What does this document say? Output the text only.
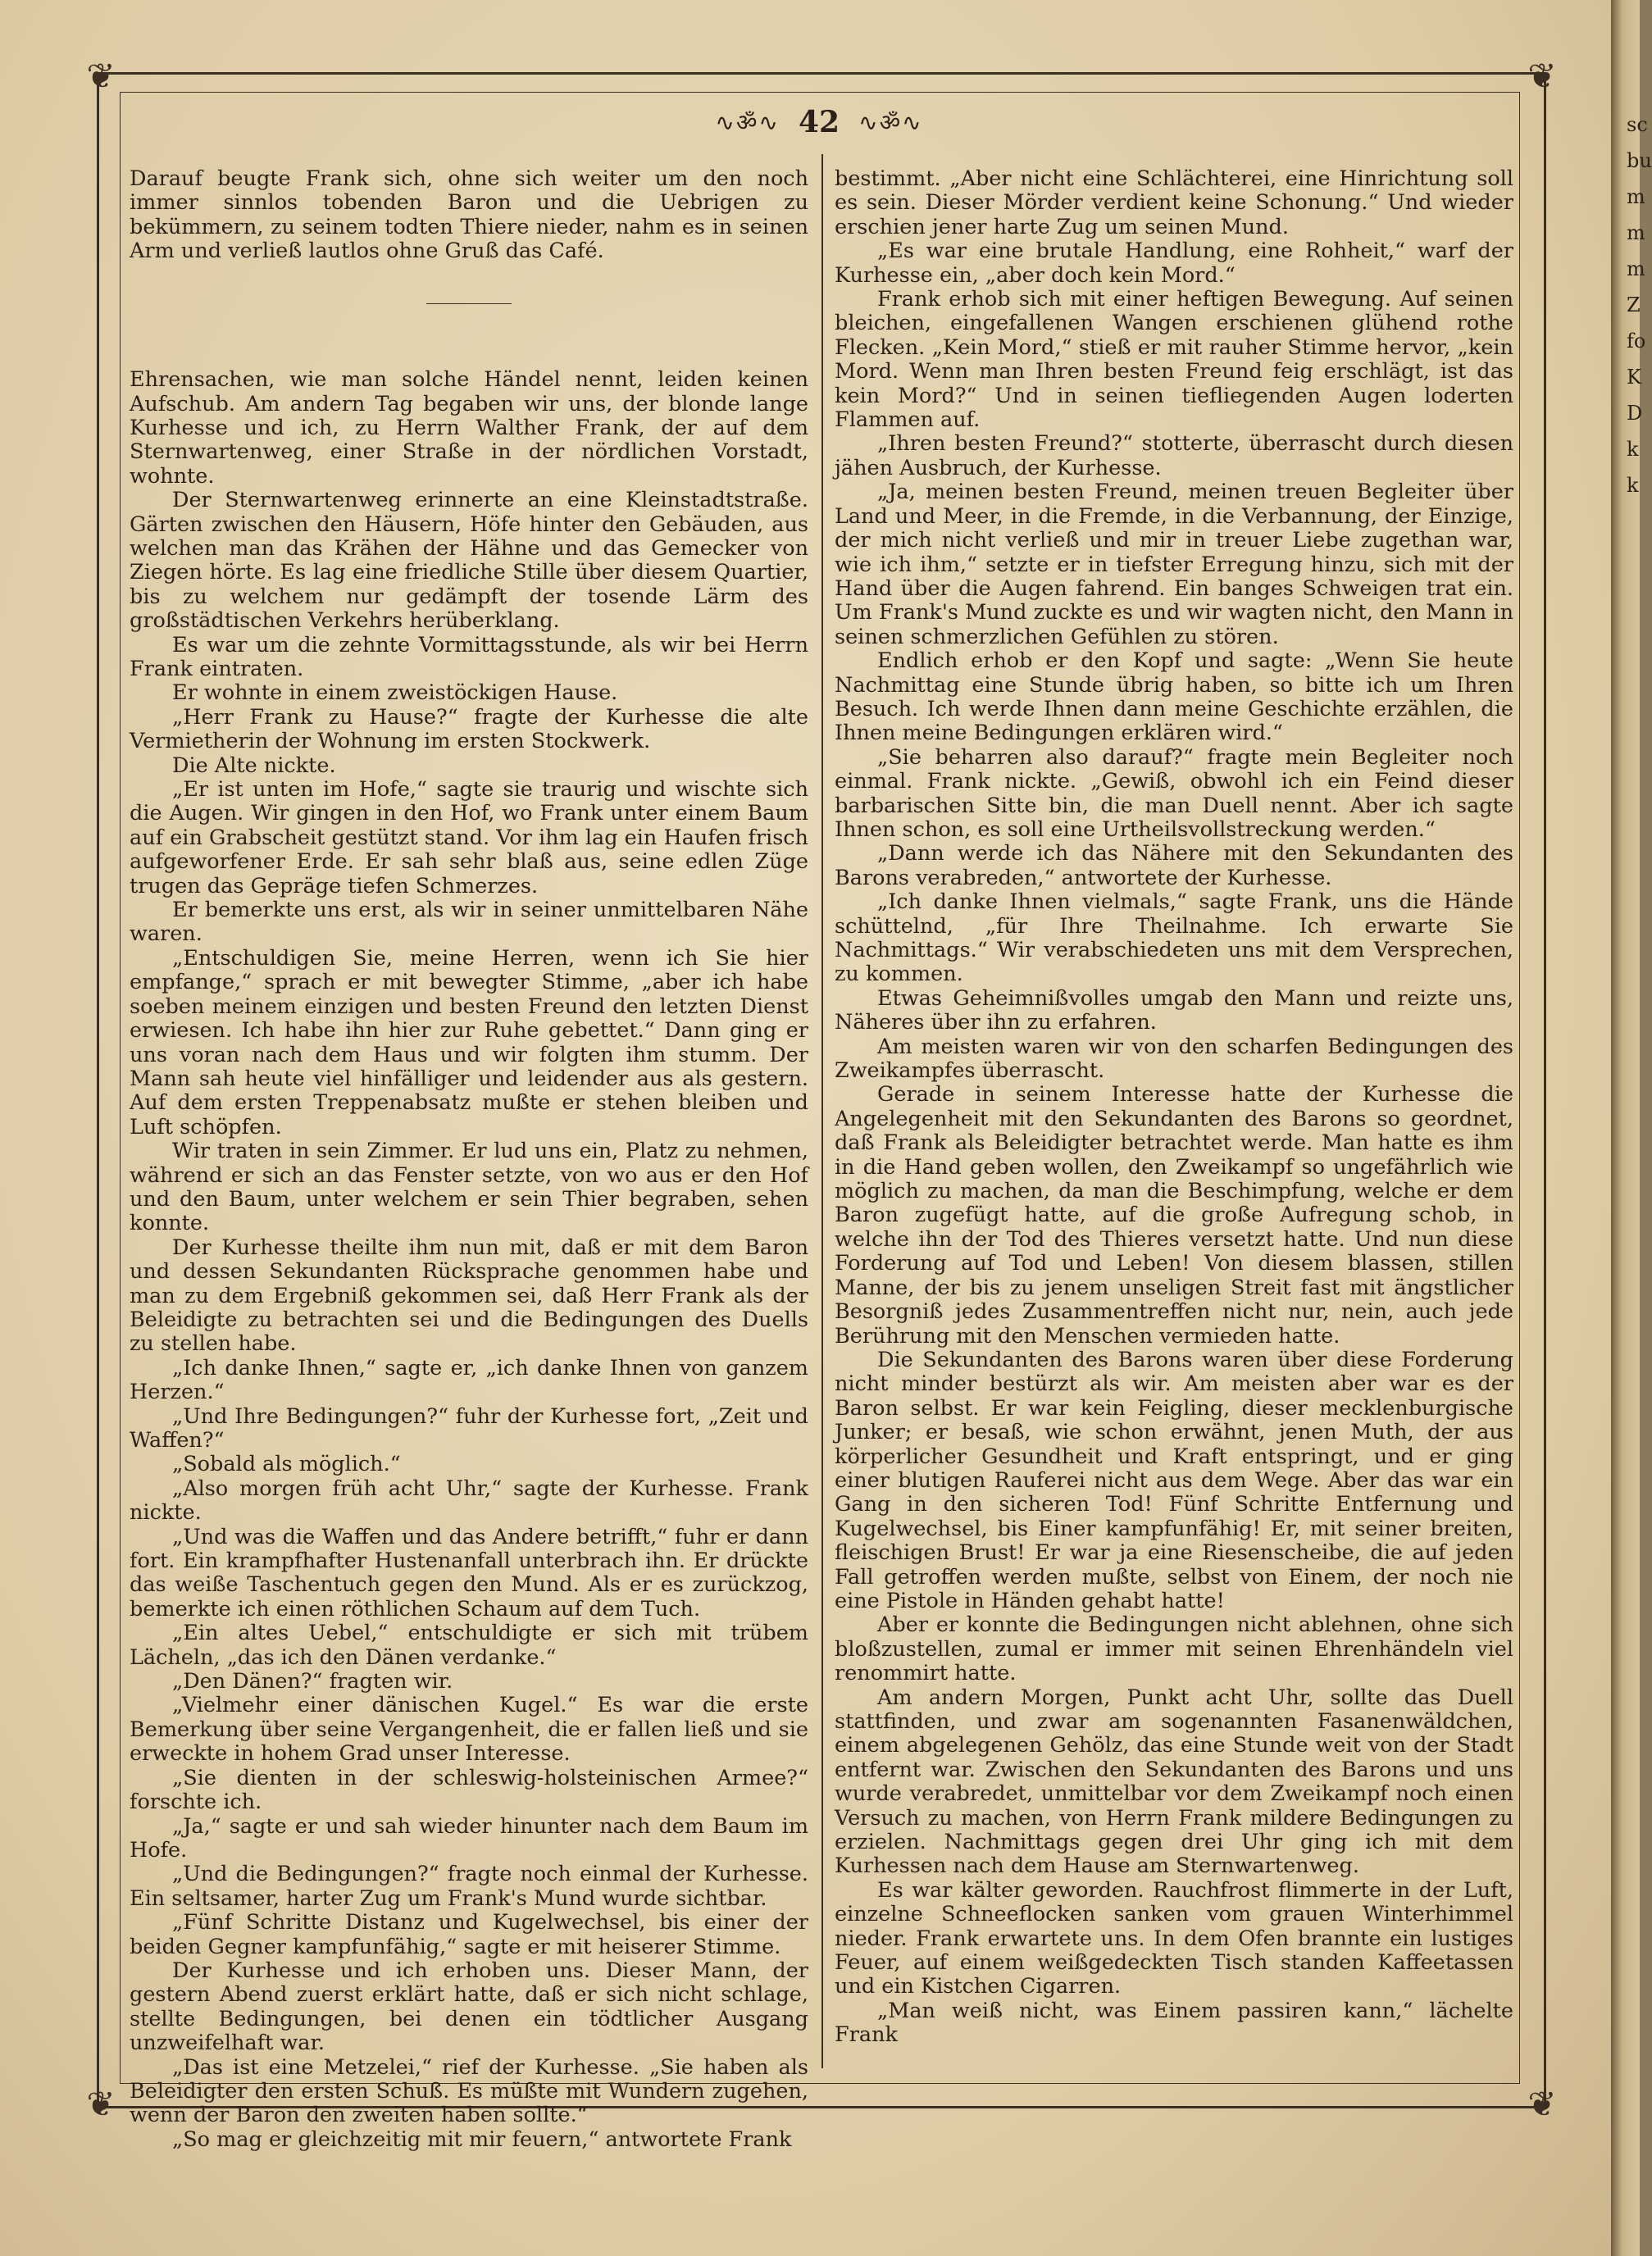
❦	❦
❦	❦
∿ॐ∿ 42 ∿ॐ∿

Darauf beugte Frank sich, ohne sich weiter um den noch immer sinnlos tobenden Baron und die Uebrigen zu bekümmern, zu seinem todten Thiere nieder, nahm es in seinen Arm und verließ lautlos ohne Gruß das Café.

Ehrensachen, wie man solche Händel nennt, leiden keinen Aufschub. Am andern Tag begaben wir uns, der blonde lange Kurhesse und ich, zu Herrn Walther Frank, der auf dem Sternwartenweg, einer Straße in der nördlichen Vorstadt, wohnte.

Der Sternwartenweg erinnerte an eine Kleinstadtstraße. Gärten zwischen den Häusern, Höfe hinter den Gebäuden, aus welchen man das Krähen der Hähne und das Gemecker von Ziegen hörte. Es lag eine friedliche Stille über diesem Quartier, bis zu welchem nur gedämpft der tosende Lärm des großstädtischen Verkehrs herüberklang.

Es war um die zehnte Vormittagsstunde, als wir bei Herrn Frank eintraten.

Er wohnte in einem zweistöckigen Hause.

„Herr Frank zu Hause?“ fragte der Kurhesse die alte Vermietherin der Wohnung im ersten Stockwerk.

Die Alte nickte.

„Er ist unten im Hofe,“ sagte sie traurig und wischte sich die Augen. Wir gingen in den Hof, wo Frank unter einem Baum auf ein Grabscheit gestützt stand. Vor ihm lag ein Haufen frisch aufgeworfener Erde. Er sah sehr blaß aus, seine edlen Züge trugen das Gepräge tiefen Schmerzes.

Er bemerkte uns erst, als wir in seiner unmittelbaren Nähe waren.

„Entschuldigen Sie, meine Herren, wenn ich Sie hier empfange,“ sprach er mit bewegter Stimme, „aber ich habe soeben meinem einzigen und besten Freund den letzten Dienst erwiesen. Ich habe ihn hier zur Ruhe gebettet.“ Dann ging er uns voran nach dem Haus und wir folgten ihm stumm. Der Mann sah heute viel hinfälliger und leidender aus als gestern. Auf dem ersten Treppenabsatz mußte er stehen bleiben und Luft schöpfen.

Wir traten in sein Zimmer. Er lud uns ein, Platz zu nehmen, während er sich an das Fenster setzte, von wo aus er den Hof und den Baum, unter welchem er sein Thier begraben, sehen konnte.

Der Kurhesse theilte ihm nun mit, daß er mit dem Baron und dessen Sekundanten Rücksprache genommen habe und man zu dem Ergebniß gekommen sei, daß Herr Frank als der Beleidigte zu betrachten sei und die Bedingungen des Duells zu stellen habe.

„Ich danke Ihnen,“ sagte er, „ich danke Ihnen von ganzem Herzen.“

„Und Ihre Bedingungen?“ fuhr der Kurhesse fort, „Zeit und Waffen?“

„Sobald als möglich.“

„Also morgen früh acht Uhr,“ sagte der Kurhesse. Frank nickte.

„Und was die Waffen und das Andere betrifft,“ fuhr er dann fort. Ein krampfhafter Hustenanfall unterbrach ihn. Er drückte das weiße Taschentuch gegen den Mund. Als er es zurückzog, bemerkte ich einen röthlichen Schaum auf dem Tuch.

„Ein altes Uebel,“ entschuldigte er sich mit trübem Lächeln, „das ich den Dänen verdanke.“

„Den Dänen?“ fragten wir.

„Vielmehr einer dänischen Kugel.“ Es war die erste Bemerkung über seine Vergangenheit, die er fallen ließ und sie erweckte in hohem Grad unser Interesse.

„Sie dienten in der schleswig-holsteinischen Armee?“ forschte ich.

„Ja,“ sagte er und sah wieder hinunter nach dem Baum im Hofe.

„Und die Bedingungen?“ fragte noch einmal der Kurhesse. Ein seltsamer, harter Zug um Frank's Mund wurde sichtbar.

„Fünf Schritte Distanz und Kugelwechsel, bis einer der beiden Gegner kampfunfähig,“ sagte er mit heiserer Stimme.

Der Kurhesse und ich erhoben uns. Dieser Mann, der gestern Abend zuerst erklärt hatte, daß er sich nicht schlage, stellte Bedingungen, bei denen ein tödtlicher Ausgang unzweifelhaft war.

„Das ist eine Metzelei,“ rief der Kurhesse. „Sie haben als Beleidigter den ersten Schuß. Es müßte mit Wundern zugehen, wenn der Baron den zweiten haben sollte.“

„So mag er gleichzeitig mit mir feuern,“ antwortete Frank

bestimmt. „Aber nicht eine Schlächterei, eine Hinrichtung soll es sein. Dieser Mörder verdient keine Schonung.“ Und wieder erschien jener harte Zug um seinen Mund.

„Es war eine brutale Handlung, eine Rohheit,“ warf der Kurhesse ein, „aber doch kein Mord.“

Frank erhob sich mit einer heftigen Bewegung. Auf seinen bleichen, eingefallenen Wangen erschienen glühend rothe Flecken. „Kein Mord,“ stieß er mit rauher Stimme hervor, „kein Mord. Wenn man Ihren besten Freund feig erschlägt, ist das kein Mord?“ Und in seinen tiefliegenden Augen loderten Flammen auf.

„Ihren besten Freund?“ stotterte, überrascht durch diesen jähen Ausbruch, der Kurhesse.

„Ja, meinen besten Freund, meinen treuen Begleiter über Land und Meer, in die Fremde, in die Verbannung, der Einzige, der mich nicht verließ und mir in treuer Liebe zugethan war, wie ich ihm,“ setzte er in tiefster Erregung hinzu, sich mit der Hand über die Augen fahrend. Ein banges Schweigen trat ein. Um Frank's Mund zuckte es und wir wagten nicht, den Mann in seinen schmerzlichen Gefühlen zu stören.

Endlich erhob er den Kopf und sagte: „Wenn Sie heute Nachmittag eine Stunde übrig haben, so bitte ich um Ihren Besuch. Ich werde Ihnen dann meine Geschichte erzählen, die Ihnen meine Bedingungen erklären wird.“

„Sie beharren also darauf?“ fragte mein Begleiter noch einmal. Frank nickte. „Gewiß, obwohl ich ein Feind dieser barbarischen Sitte bin, die man Duell nennt. Aber ich sagte Ihnen schon, es soll eine Urtheilsvollstreckung werden.“

„Dann werde ich das Nähere mit den Sekundanten des Barons verabreden,“ antwortete der Kurhesse.

„Ich danke Ihnen vielmals,“ sagte Frank, uns die Hände schüttelnd, „für Ihre Theilnahme. Ich erwarte Sie Nachmittags.“ Wir verabschiedeten uns mit dem Versprechen, zu kommen.

Etwas Geheimnißvolles umgab den Mann und reizte uns, Näheres über ihn zu erfahren.

Am meisten waren wir von den scharfen Bedingungen des Zweikampfes überrascht.

Gerade in seinem Interesse hatte der Kurhesse die Angelegenheit mit den Sekundanten des Barons so geordnet, daß Frank als Beleidigter betrachtet werde. Man hatte es ihm in die Hand geben wollen, den Zweikampf so ungefährlich wie möglich zu machen, da man die Beschimpfung, welche er dem Baron zugefügt hatte, auf die große Aufregung schob, in welche ihn der Tod des Thieres versetzt hatte. Und nun diese Forderung auf Tod und Leben! Von diesem blassen, stillen Manne, der bis zu jenem unseligen Streit fast mit ängstlicher Besorgniß jedes Zusammentreffen nicht nur, nein, auch jede Berührung mit den Menschen vermieden hatte.

Die Sekundanten des Barons waren über diese Forderung nicht minder bestürzt als wir. Am meisten aber war es der Baron selbst. Er war kein Feigling, dieser mecklenburgische Junker; er besaß, wie schon erwähnt, jenen Muth, der aus körperlicher Gesundheit und Kraft entspringt, und er ging einer blutigen Rauferei nicht aus dem Wege. Aber das war ein Gang in den sicheren Tod! Fünf Schritte Entfernung und Kugelwechsel, bis Einer kampfunfähig! Er, mit seiner breiten, fleischigen Brust! Er war ja eine Riesenscheibe, die auf jeden Fall getroffen werden mußte, selbst von Einem, der noch nie eine Pistole in Händen gehabt hatte!

Aber er konnte die Bedingungen nicht ablehnen, ohne sich bloßzustellen, zumal er immer mit seinen Ehrenhändeln viel renommirt hatte.

Am andern Morgen, Punkt acht Uhr, sollte das Duell stattfinden, und zwar am sogenannten Fasanenwäldchen, einem abgelegenen Gehölz, das eine Stunde weit von der Stadt entfernt war. Zwischen den Sekundanten des Barons und uns wurde verabredet, unmittelbar vor dem Zweikampf noch einen Versuch zu machen, von Herrn Frank mildere Bedingungen zu erzielen. Nachmittags gegen drei Uhr ging ich mit dem Kurhessen nach dem Hause am Sternwartenweg.

Es war kälter geworden. Rauchfrost flimmerte in der Luft, einzelne Schneeflocken sanken vom grauen Winterhimmel nieder. Frank erwartete uns. In dem Ofen brannte ein lustiges Feuer, auf einem weißgedeckten Tisch standen Kaffeetassen und ein Kistchen Cigarren.

„Man weiß nicht, was Einem passiren kann,“ lächelte Frank

sc
bu
m
m
m
Z
fo
K
D
k
k
